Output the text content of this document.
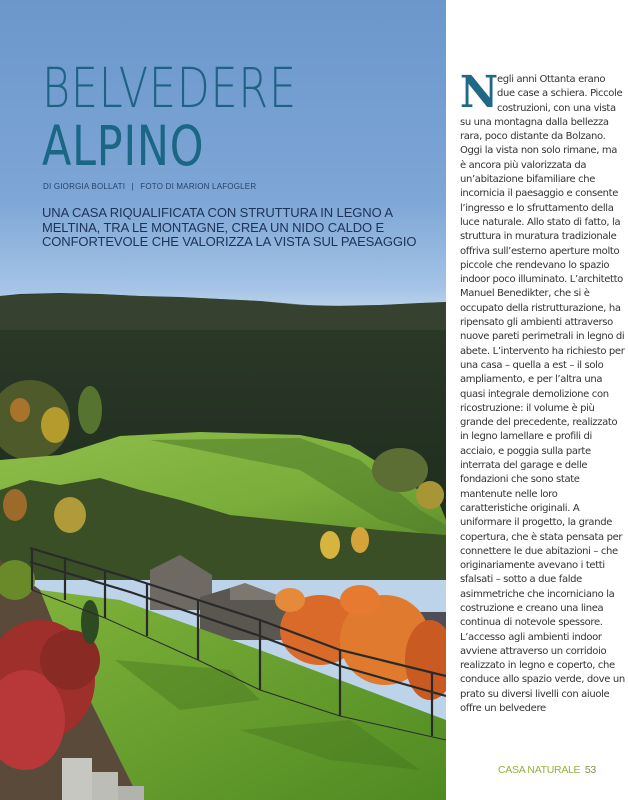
BELVEDERE
ALPINO
DI GIORGIA BOLLATI | FOTO DI MARION LAFOGLER
UNA CASA RIQUALIFICATA CON STRUTTURA IN LEGNO A MELTINA, TRA LE MONTAGNE, CREA UN NIDO CALDO E CONFORTEVOLE CHE VALORIZZA LA VISTA SUL PAESAGGIO
N egli anni Ottanta erano due case a schiera. Piccole costruzioni, con una vista su una montagna dalla bellezza rara, poco distante da Bolzano. Oggi la vista non solo rimane, ma è ancora più valorizzata da un’abitazione bifamiliare che incornicia il paesaggio e consente l’ingresso e lo sfruttamento della luce naturale. Allo stato di fatto, la struttura in muratura tradizionale offriva sull’esterno aperture molto piccole che rendevano lo spazio indoor poco illuminato. L’architetto Manuel Benedikter, che si è occupato della ristrutturazione, ha ripensato gli ambienti attraverso nuove pareti perimetrali in legno di abete. L’intervento ha richiesto per una casa – quella a est – il solo ampliamento, e per l’altra una quasi integrale demolizione con ricostruzione: il volume è più grande del precedente, realizzato in legno lamellare e profili di acciaio, e poggia sulla parte interrata del garage e delle fondazioni che sono state mantenute nelle loro caratteristiche originali. A uniformare il progetto, la grande copertura, che è stata pensata per connettere le due abitazioni – che originariamente avevano i tetti sfalsati – sotto a due falde asimmetriche che incorniciano la costruzione e creano una linea continua di notevole spessore. L’accesso agli ambienti indoor avviene attraverso un corridoio realizzato in legno e coperto, che conduce allo spazio verde, dove un prato su diversi livelli con aiuole offre un belvedere

CASA NATURALE 53
